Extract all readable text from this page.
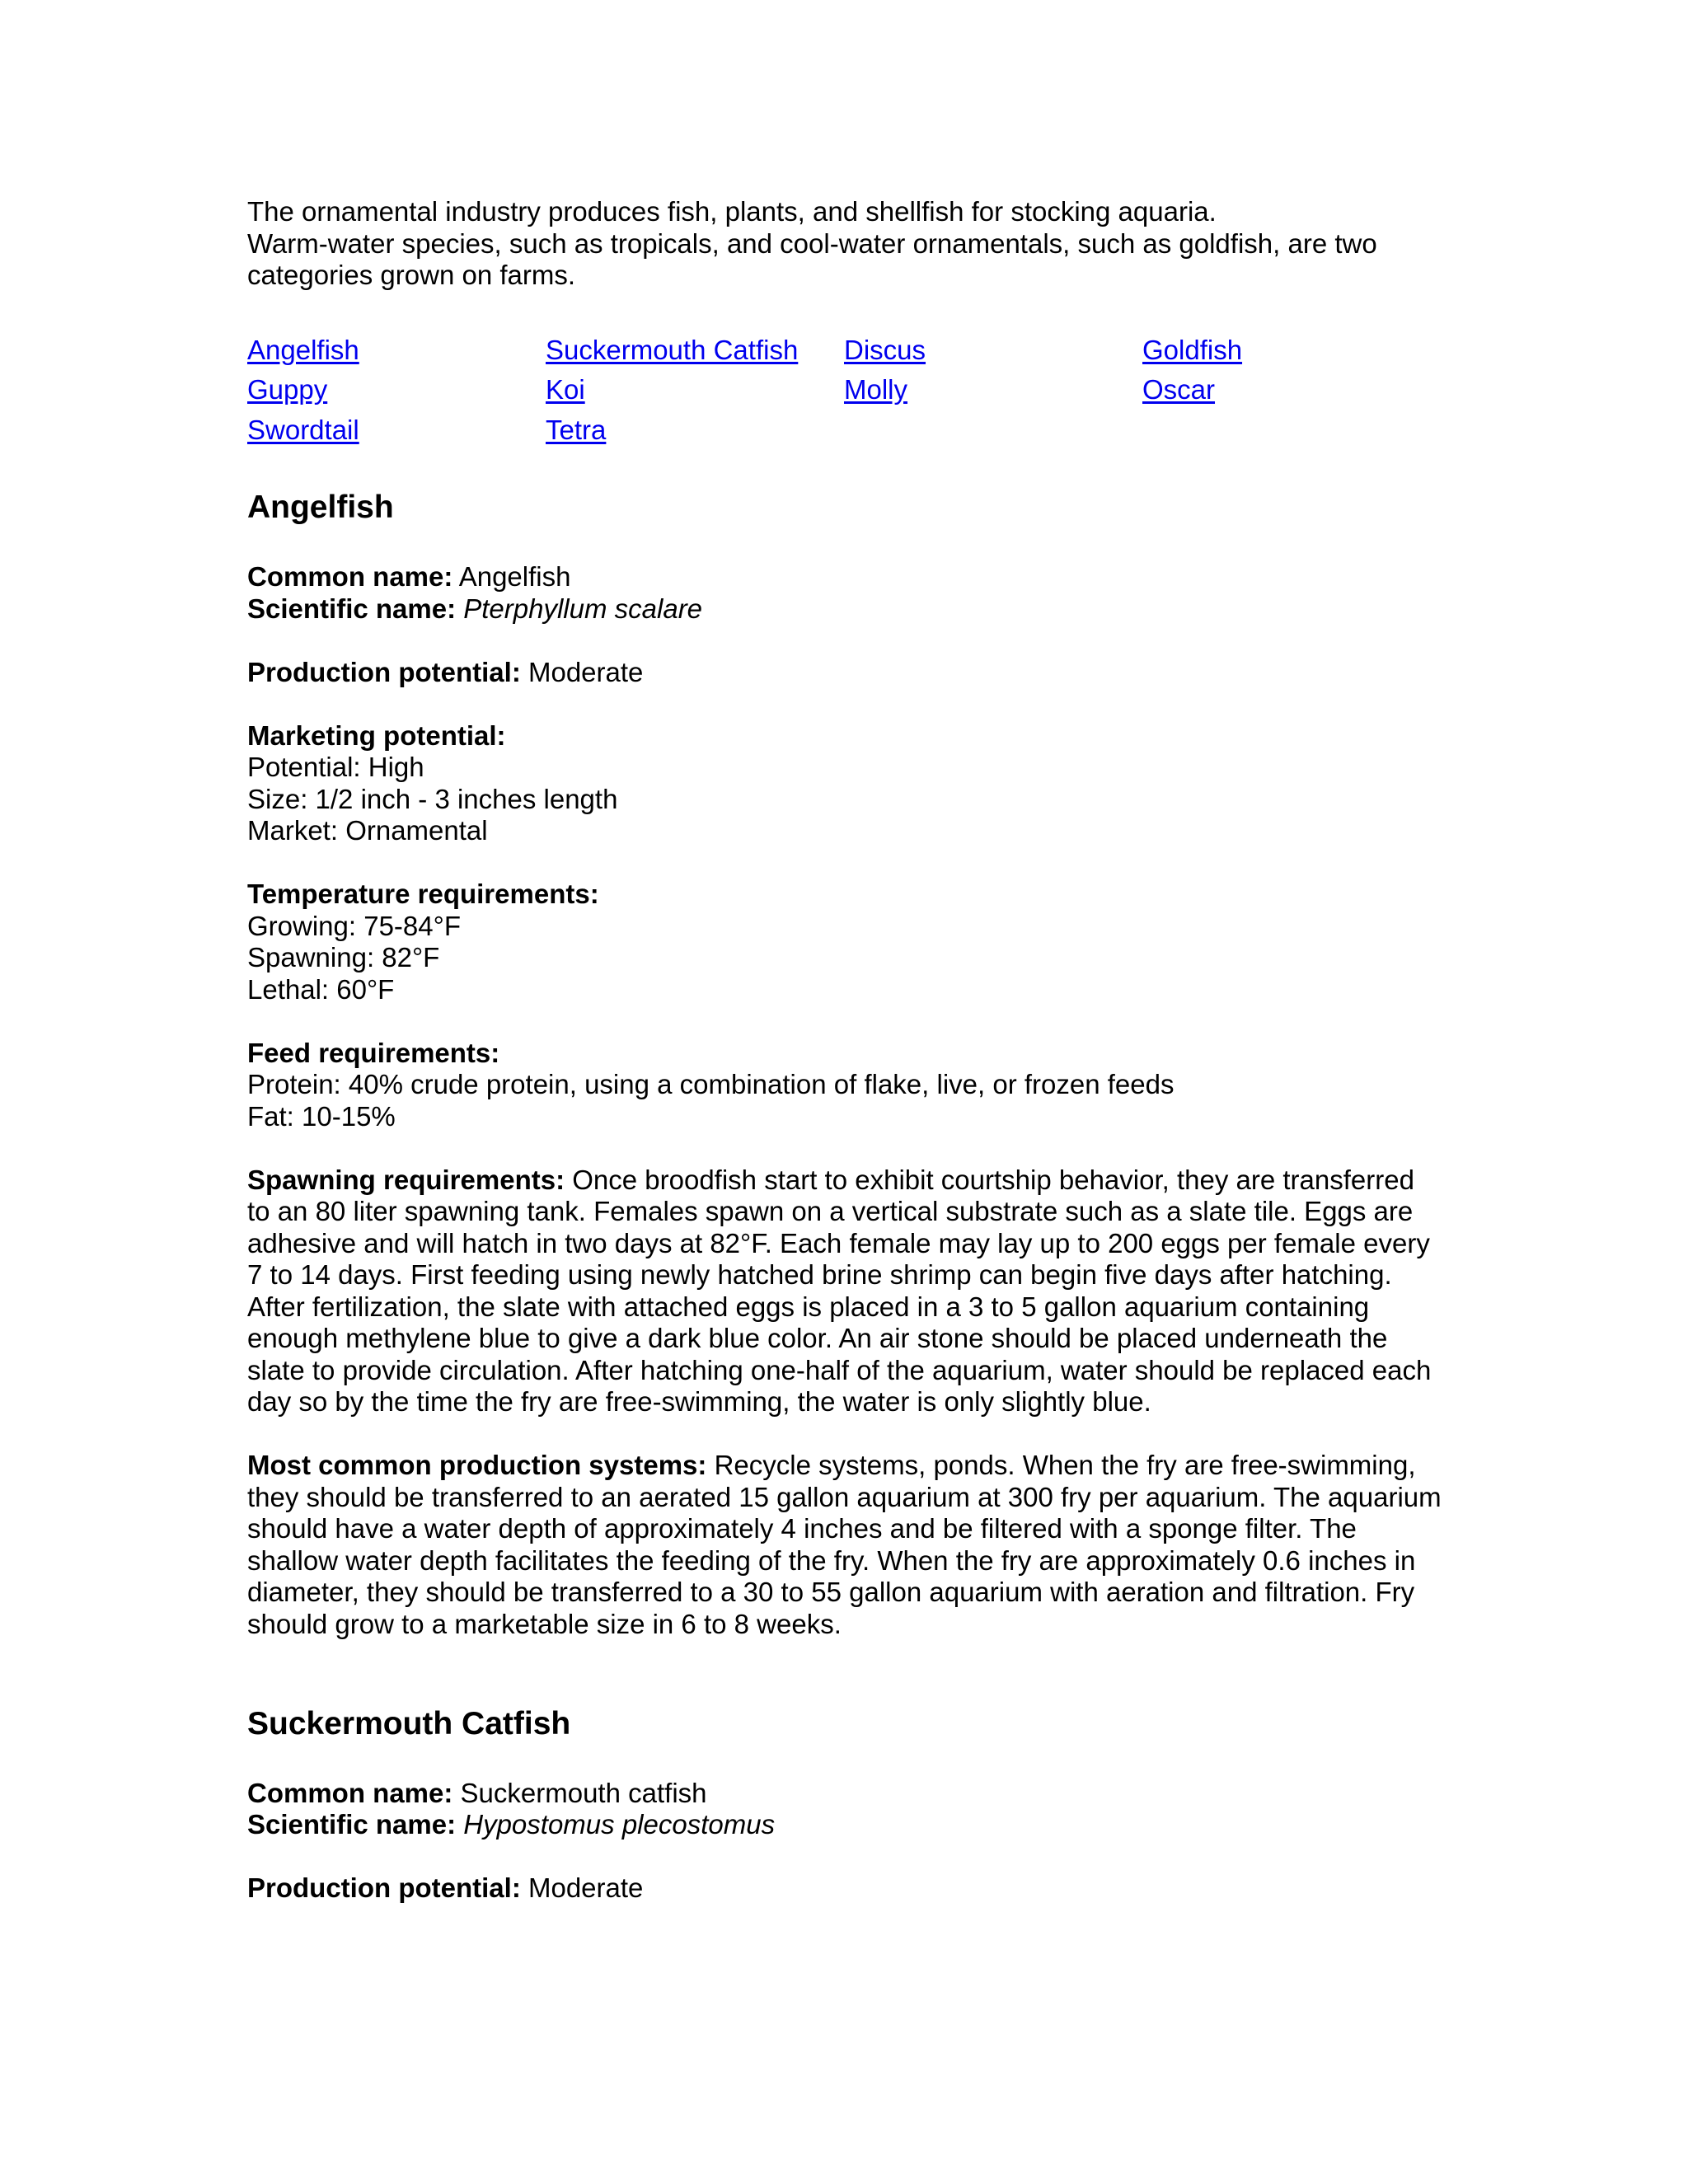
The ornamental industry produces fish, plants, and shellfish for stocking aquaria.

Warm-water species, such as tropicals, and cool-water ornamentals, such as goldfish, are two categories grown on farms.

Angelfish	Suckermouth Catfish	Discus	Goldfish
Guppy	Koi	Molly	Oscar
Swordtail	Tetra
Angelfish

Common name: Angelfish

Scientific name: Pterphyllum scalare

Production potential: Moderate

Marketing potential:

Potential: High

Size: 1/2 inch - 3 inches length

Market: Ornamental

Temperature requirements:

Growing: 75-84°F

Spawning: 82°F

Lethal: 60°F

Feed requirements:

Protein: 40% crude protein, using a combination of flake, live, or frozen feeds

Fat: 10-15%

Spawning requirements: Once broodfish start to exhibit courtship behavior, they are transferred to an 80 liter spawning tank. Females spawn on a vertical substrate such as a slate tile. Eggs are adhesive and will hatch in two days at 82°F. Each female may lay up to 200 eggs per female every 7 to 14 days. First feeding using newly hatched brine shrimp can begin five days after hatching. After fertilization, the slate with attached eggs is placed in a 3 to 5 gallon aquarium containing enough methylene blue to give a dark blue color. An air stone should be placed underneath the slate to provide circulation. After hatching one-half of the aquarium, water should be replaced each day so by the time the fry are free-swimming, the water is only slightly blue.

Most common production systems: Recycle systems, ponds. When the fry are free-swimming, they should be transferred to an aerated 15 gallon aquarium at 300 fry per aquarium. The aquarium should have a water depth of approximately 4 inches and be filtered with a sponge filter. The shallow water depth facilitates the feeding of the fry. When the fry are approximately 0.6 inches in diameter, they should be transferred to a 30 to 55 gallon aquarium with aeration and filtration. Fry should grow to a marketable size in 6 to 8 weeks.

Suckermouth Catfish

Common name: Suckermouth catfish

Scientific name: Hypostomus plecostomus

Production potential: Moderate
